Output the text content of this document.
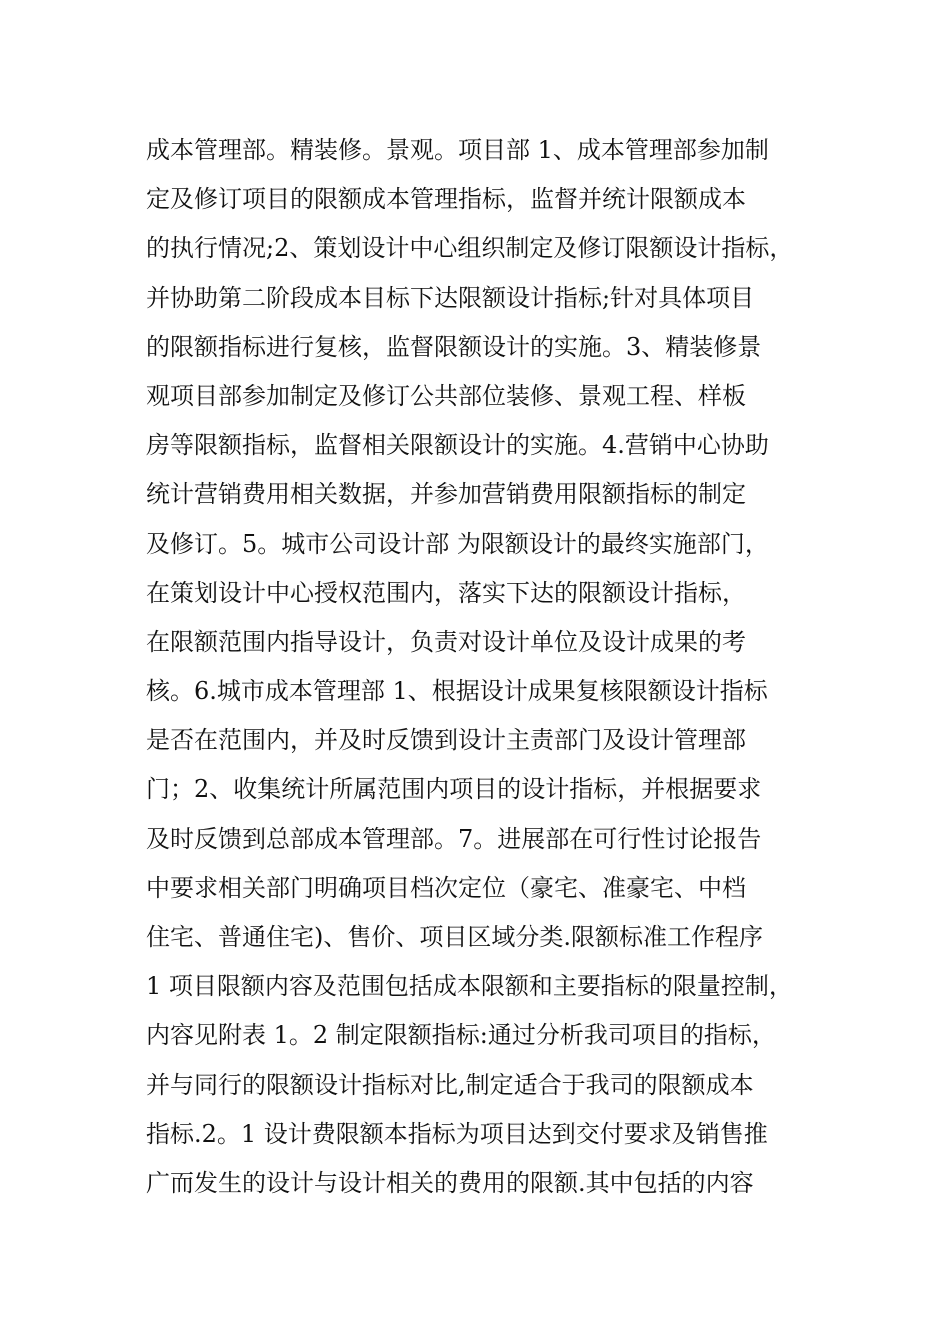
成本管理部。精装修。景观。项目部 1、成本管理部参加制
定及修订项目的限额成本管理指标，监督并统计限额成本
的执行情况;2、策划设计中心组织制定及修订限额设计指标，
并协助第二阶段成本目标下达限额设计指标;针对具体项目
的限额指标进行复核，监督限额设计的实施。3、精装修景
观项目部参加制定及修订公共部位装修、景观工程、样板
房等限额指标，监督相关限额设计的实施。4.营销中心协助
统计营销费用相关数据，并参加营销费用限额指标的制定
及修订。5。城市公司设计部 为限额设计的最终实施部门，
在策划设计中心授权范围内，落实下达的限额设计指标，
在限额范围内指导设计，负责对设计单位及设计成果的考
核。6.城市成本管理部 1、根据设计成果复核限额设计指标
是否在范围内，并及时反馈到设计主责部门及设计管理部
门；2、收集统计所属范围内项目的设计指标，并根据要求
及时反馈到总部成本管理部。7。进展部在可行性讨论报告
中要求相关部门明确项目档次定位（豪宅、准豪宅、中档
住宅、普通住宅)、售价、项目区域分类.限额标准工作程序
1 项目限额内容及范围包括成本限额和主要指标的限量控制，
内容见附表 1。2 制定限额指标:通过分析我司项目的指标，
并与同行的限额设计指标对比,制定适合于我司的限额成本
指标.2。1 设计费限额本指标为项目达到交付要求及销售推
广而发生的设计与设计相关的费用的限额.其中包括的内容
